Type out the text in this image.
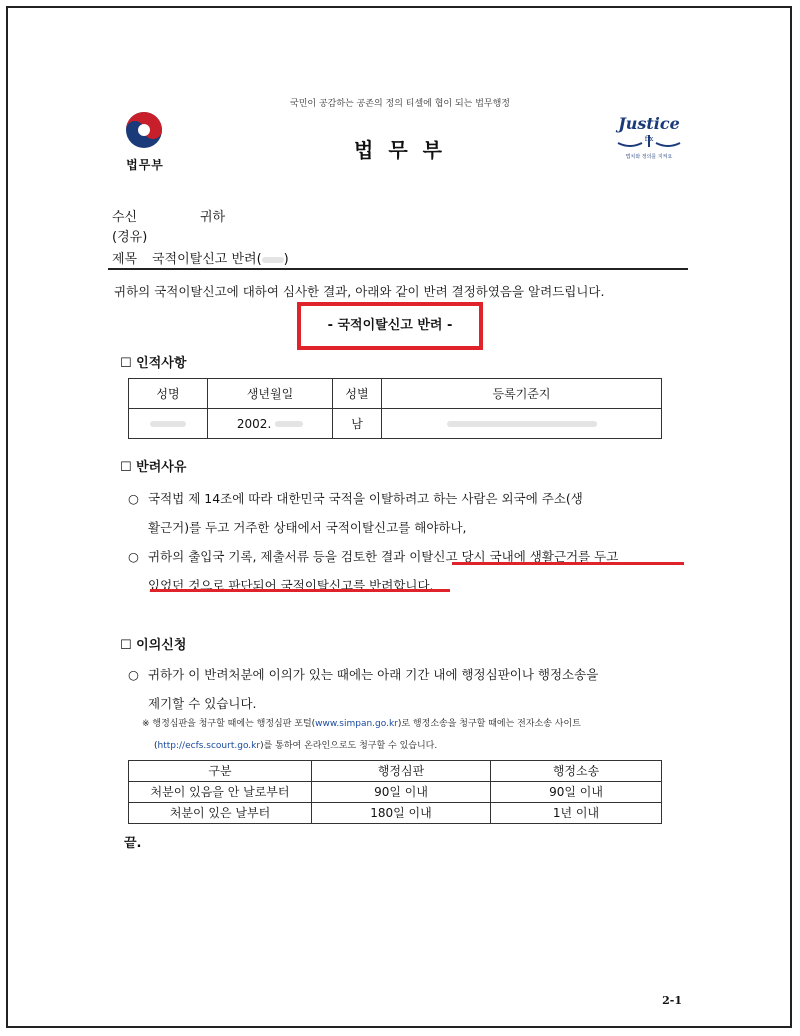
국민이 공감하는 공존의 정의 티셀에 협이 되는 법무행정
법무부
법 무 부
Justice
fix
법치와 정의를 지켜요
수신	귀하
(경유)
제목 국적이탈신고 반려( )
귀하의 국적이탈신고에 대하여 심사한 결과, 아래와 같이 반려 결정하였음을 알려드립니다.
- 국적이탈신고 반려 -
☐ 인적사항
성명	생년월일	성별	등록기준지
	2002.	남	
☐ 반려사유
○ 국적법 제 14조에 따라 대한민국 국적을 이탈하려고 하는 사람은 외국에 주소(생
활근거)를 두고 거주한 상태에서 국적이탈신고를 해야하나,
○ 귀하의 출입국 기록, 제출서류 등을 검토한 결과 이탈신고 당시 국내에 생활근거를 두고
있었던 것으로 판단되어 국적이탈신고를 반려합니다.
☐ 이의신청
○ 귀하가 이 반려처분에 이의가 있는 때에는 아래 기간 내에 행정심판이나 행정소송을
제기할 수 있습니다.
※ 행정심판을 청구할 때에는 행정심판 포털(www.simpan.go.kr)로 행정소송을 청구할 때에는 전자소송 사이트
(http://ecfs.scourt.go.kr)를 통하여 온라인으로도 청구할 수 있습니다.
구분	행정심판	행정소송
처분이 있음을 안 날로부터	90일 이내	90일 이내
처분이 있은 날부터	180일 이내	1년 이내
끝.
2-1
